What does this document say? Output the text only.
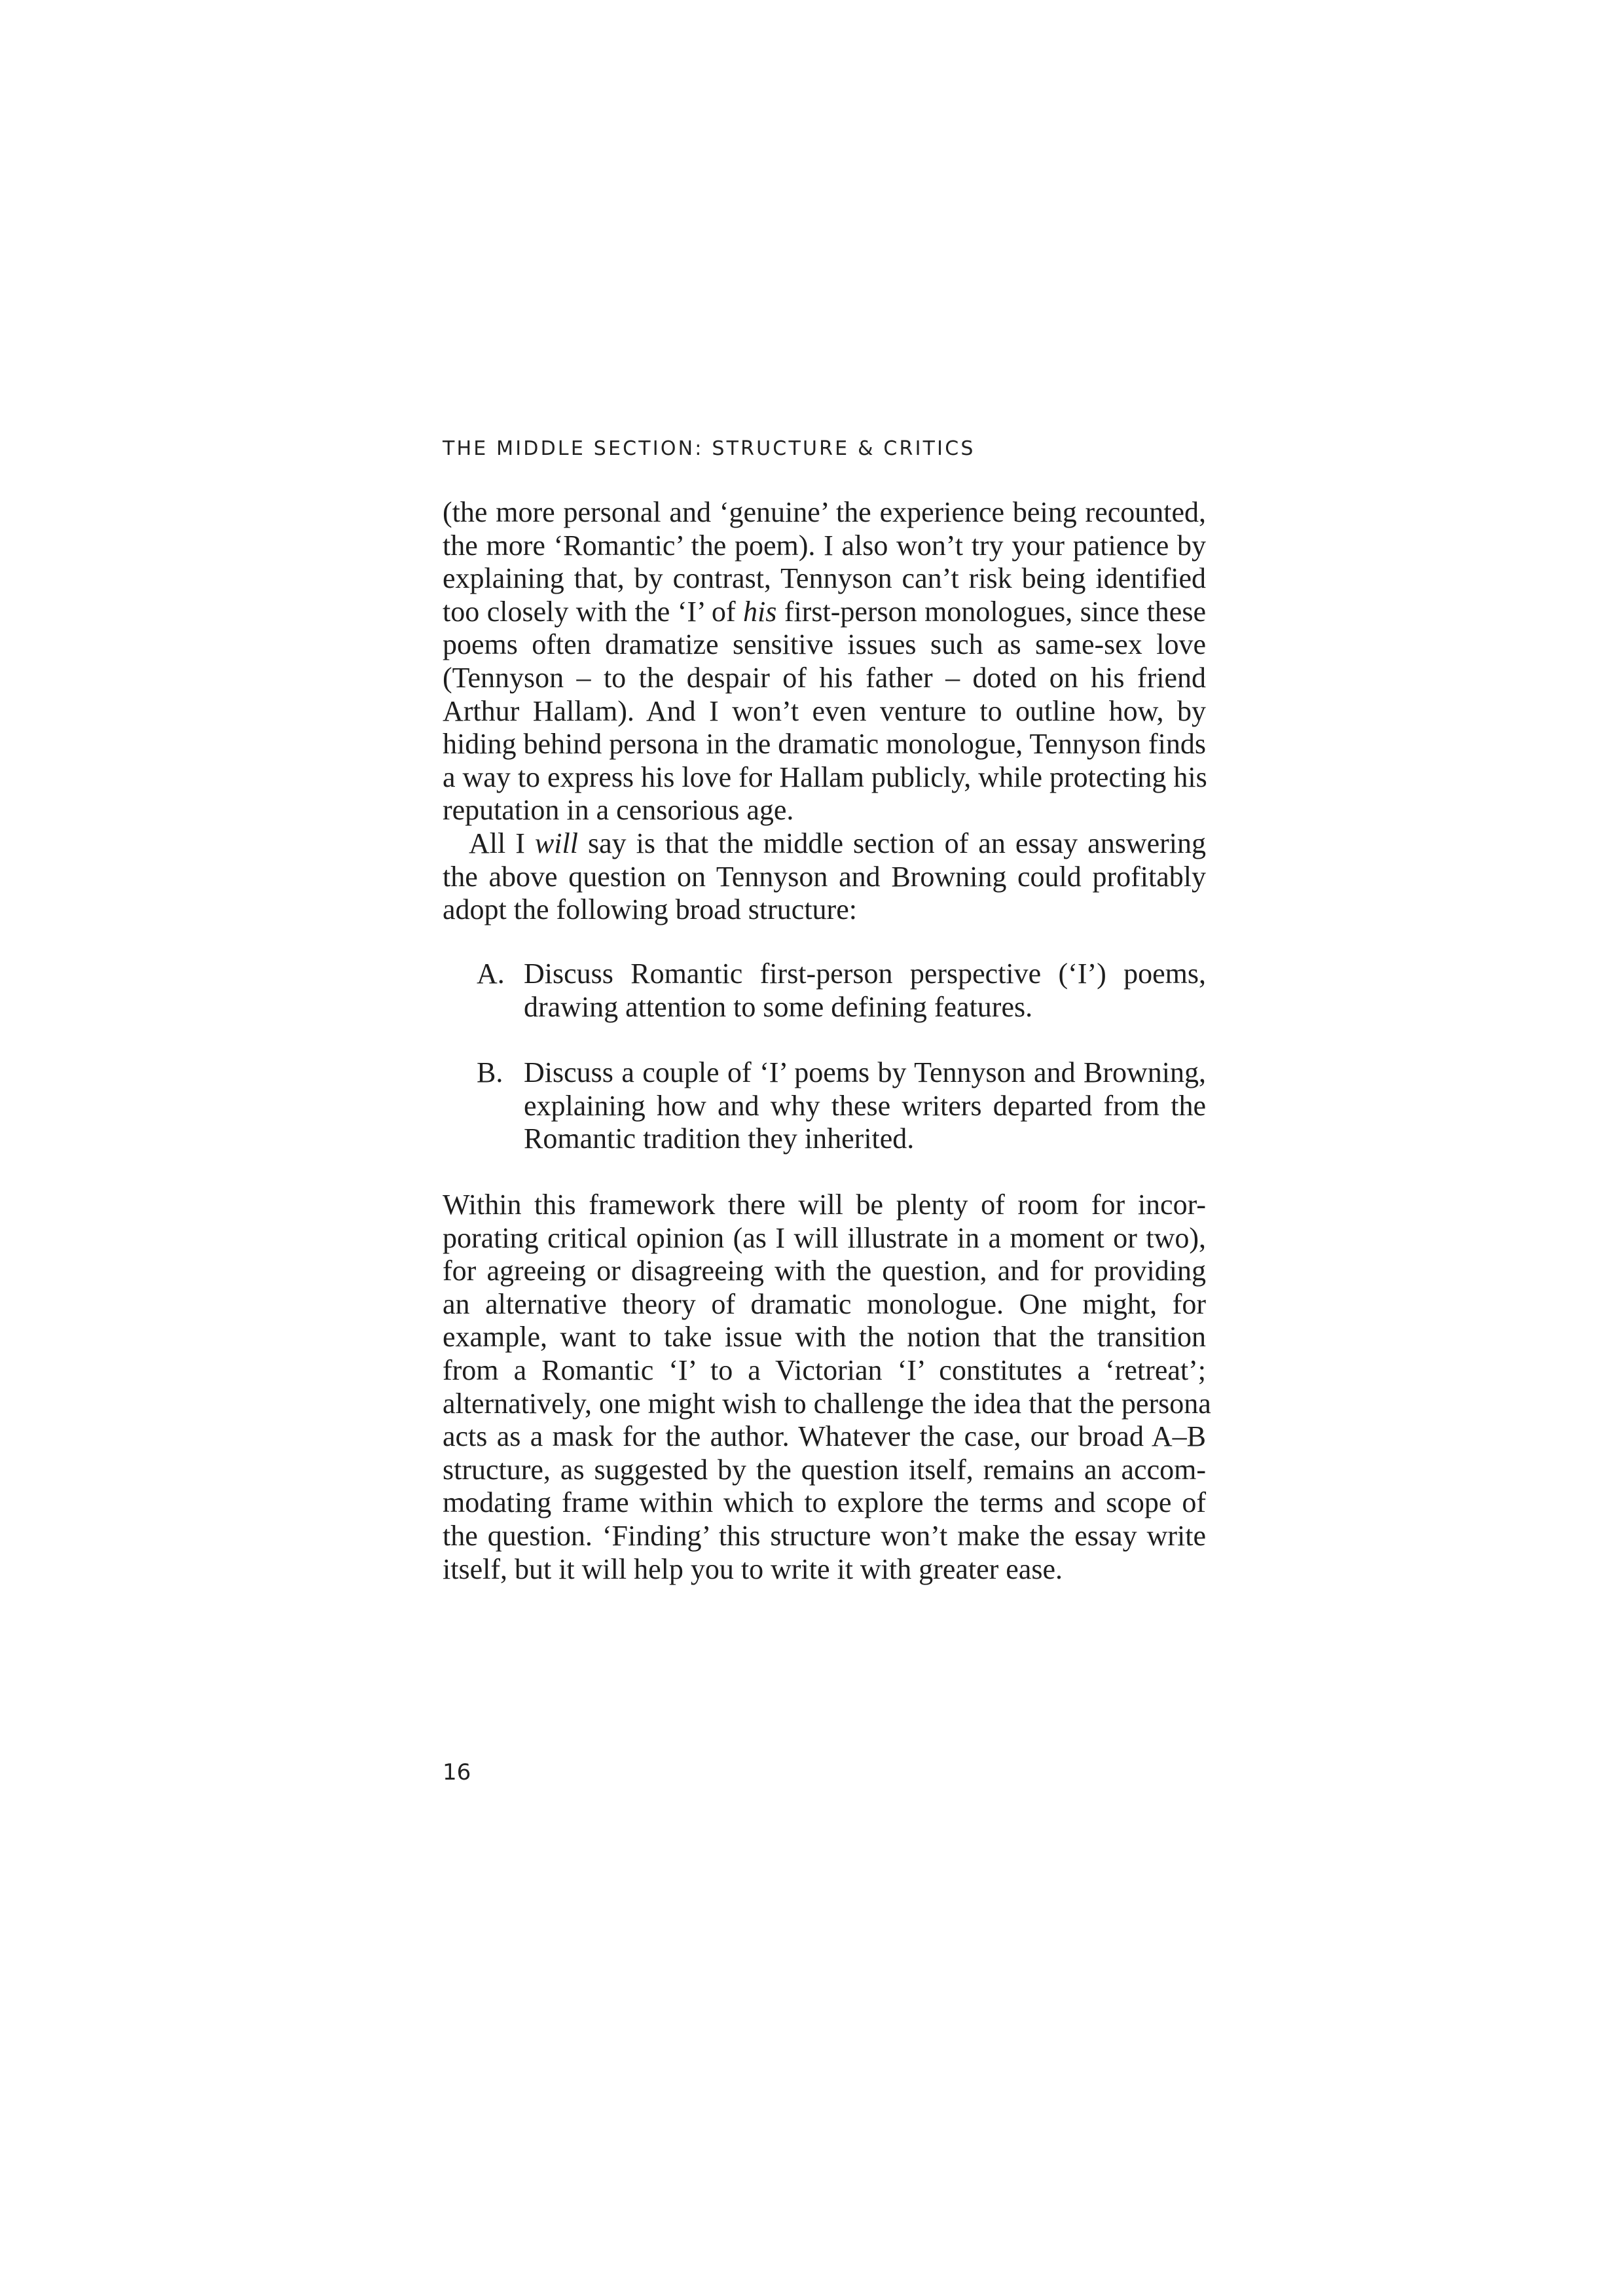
THE MIDDLE SECTION: STRUCTURE & CRITICS
(the more personal and ‘genuine’ the experience being recounted,
the more ‘Romantic’ the poem). I also won’t try your patience by
explaining that, by contrast, Tennyson can’t risk being identified
too closely with the ‘I’ of his first-person monologues, since these
poems often dramatize sensitive issues such as same-sex love
(Tennyson – to the despair of his father – doted on his friend
Arthur Hallam). And I won’t even venture to outline how, by
hiding behind persona in the dramatic monologue, Tennyson finds
a way to express his love for Hallam publicly, while protecting his
reputation in a censorious age.
All I will say is that the middle section of an essay answering
the above question on Tennyson and Browning could profitably
adopt the following broad structure:
A. Discuss Romantic first-person perspective (‘I’) poems,
drawing attention to some defining features.
B. Discuss a couple of ‘I’ poems by Tennyson and Browning,
explaining how and why these writers departed from the
Romantic tradition they inherited.
Within this framework there will be plenty of room for incor-
porating critical opinion (as I will illustrate in a moment or two),
for agreeing or disagreeing with the question, and for providing
an alternative theory of dramatic monologue. One might, for
example, want to take issue with the notion that the transition
from a Romantic ‘I’ to a Victorian ‘I’ constitutes a ‘retreat’;
alternatively, one might wish to challenge the idea that the persona
acts as a mask for the author. Whatever the case, our broad A–B
structure, as suggested by the question itself, remains an accom-
modating frame within which to explore the terms and scope of
the question. ‘Finding’ this structure won’t make the essay write
itself, but it will help you to write it with greater ease.
16
